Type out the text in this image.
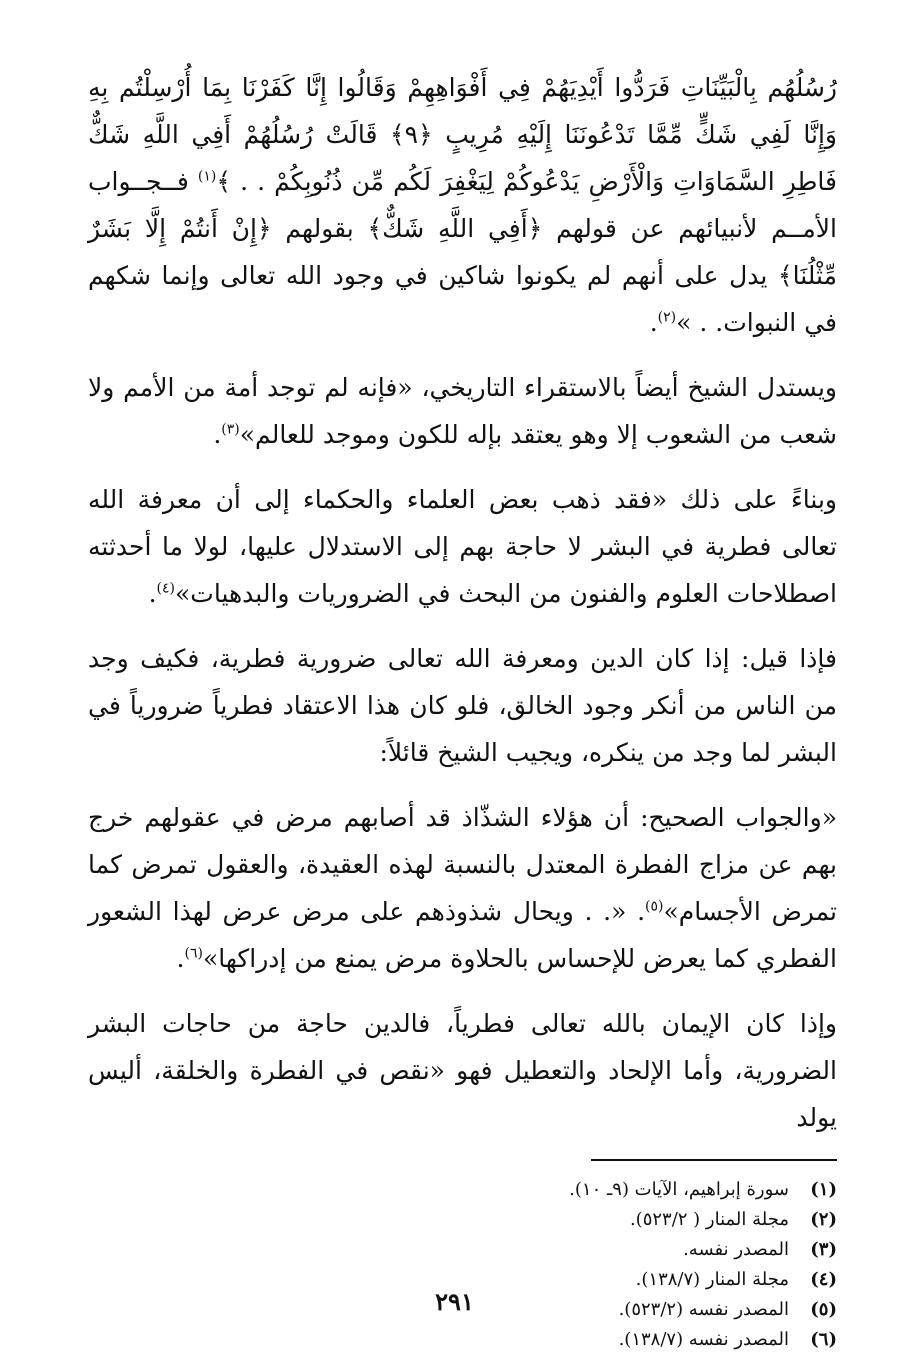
رُسُلُهُم بِالْبَيِّنَاتِ فَرَدُّوا أَيْدِيَهُمْ فِي أَفْوَاهِهِمْ وَقَالُوا إِنَّا كَفَرْنَا بِمَا أُرْسِلْتُم بِهِ وَإِنَّا لَفِي شَكٍّ مِّمَّا تَدْعُونَنَا إِلَيْهِ مُرِيبٍ ﴿٩﴾ قَالَتْ رُسُلُهُمْ أَفِي اللَّهِ شَكٌّ فَاطِرِ السَّمَاوَاتِ وَالْأَرْضِ يَدْعُوكُمْ لِيَغْفِرَ لَكُم مِّن ذُنُوبِكُمْ . . ﴾$^{(١)}$ فــجــواب الأمــم لأنبيائهم عن قولهم ﴿أَفِي اللَّهِ شَكٌّ﴾ بقولهم ﴿إِنْ أَنتُمْ إِلَّا بَشَرٌ مِّثْلُنَا﴾ يدل على أنهم لم يكونوا شاكين في وجود الله تعالى وإنما شكهم في النبوات. . »$^{(٢)}$.

ويستدل الشيخ أيضاً بالاستقراء التاريخي، «فإنه لم توجد أمة من الأمم ولا شعب من الشعوب إلا وهو يعتقد بإله للكون وموجد للعالم»$^{(٣)}$.

وبناءً على ذلك «فقد ذهب بعض العلماء والحكماء إلى أن معرفة الله تعالى فطرية في البشر لا حاجة بهم إلى الاستدلال عليها، لولا ما أحدثته اصطلاحات العلوم والفنون من البحث في الضروريات والبدهيات»$^{(٤)}$.

فإذا قيل: إذا كان الدين ومعرفة الله تعالى ضرورية فطرية، فكيف وجد من الناس من أنكر وجود الخالق، فلو كان هذا الاعتقاد فطرياً ضرورياً في البشر لما وجد من ينكره، ويجيب الشيخ قائلاً:

«والجواب الصحيح: أن هؤلاء الشذّاذ قد أصابهم مرض في عقولهم خرج بهم عن مزاج الفطرة المعتدل بالنسبة لهذه العقيدة، والعقول تمرض كما تمرض الأجسام»$^{(٥)}$. «. . ويحال شذوذهم على مرض عرض لهذا الشعور الفطري كما يعرض للإحساس بالحلاوة مرض يمنع من إدراكها»$^{(٦)}$.

وإذا كان الإيمان بالله تعالى فطرياً، فالدين حاجة من حاجات البشر الضرورية، وأما الإلحاد والتعطيل فهو «نقص في الفطرة والخلقة، أليس يولد

(١)
سورة إبراهيم، الآيات (٩ـ ١٠).
(٢)
مجلة المنار ( ٥٢٣/٢).
(٣)
المصدر نفسه.
(٤)
مجلة المنار (١٣٨/٧).
(٥)
المصدر نفسه (٥٢٣/٢).
(٦)
المصدر نفسه (١٣٨/٧).
٢٩١
